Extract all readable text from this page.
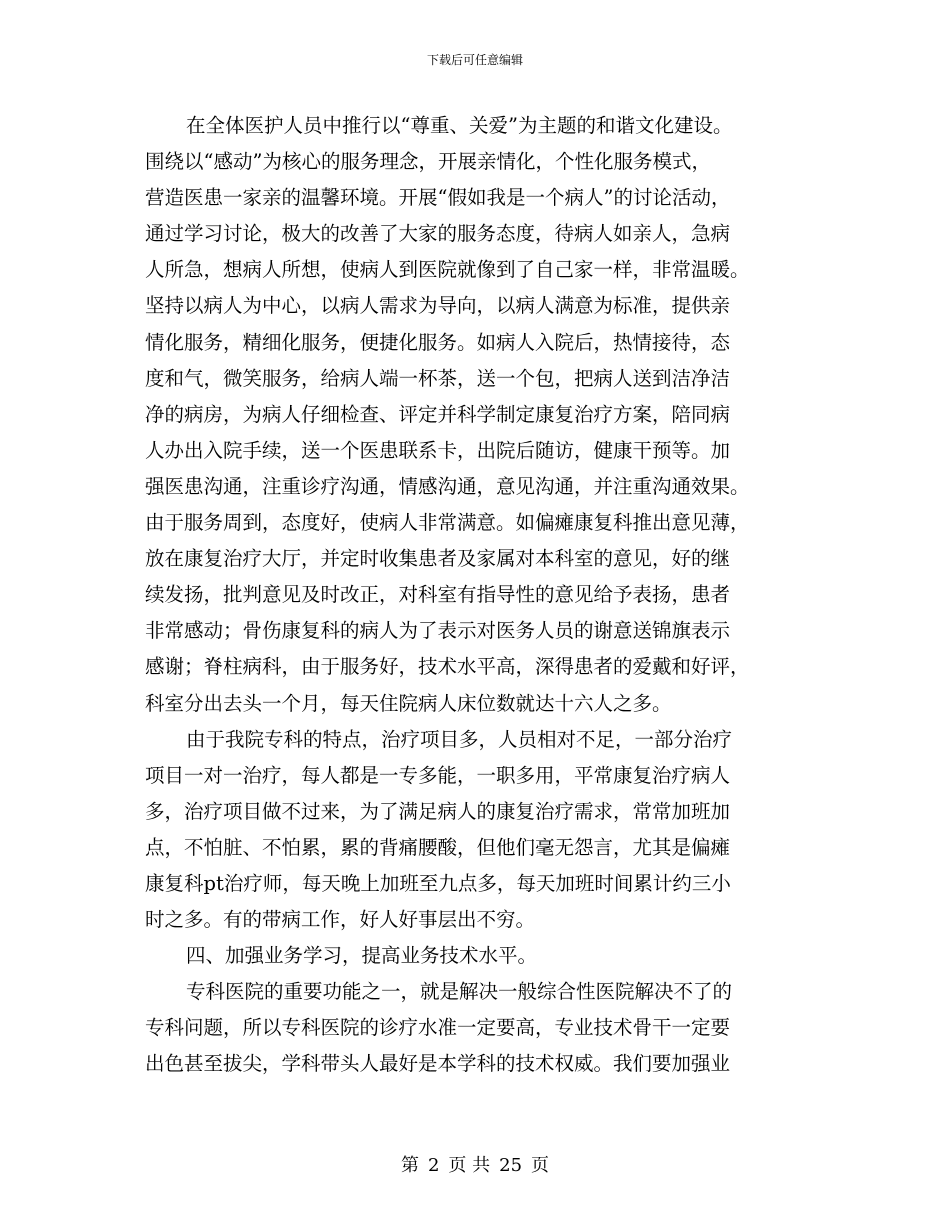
下载后可任意编辑

在全体医护人员中推行以“尊重、关爱”为主题的和谐文化建设。

围绕以“感动”为核心的服务理念，开展亲情化，个性化服务模式，

营造医患一家亲的温馨环境。开展“假如我是一个病人”的讨论活动，

通过学习讨论，极大的改善了大家的服务态度，待病人如亲人，急病

人所急，想病人所想，使病人到医院就像到了自己家一样，非常温暖。

坚持以病人为中心，以病人需求为导向，以病人满意为标准，提供亲

情化服务，精细化服务，便捷化服务。如病人入院后，热情接待，态

度和气，微笑服务，给病人端一杯茶，送一个包，把病人送到洁净洁

净的病房，为病人仔细检查、评定并科学制定康复治疗方案，陪同病

人办出入院手续，送一个医患联系卡，出院后随访，健康干预等。加

强医患沟通，注重诊疗沟通，情感沟通，意见沟通，并注重沟通效果。

由于服务周到，态度好，使病人非常满意。如偏瘫康复科推出意见薄，

放在康复治疗大厅，并定时收集患者及家属对本科室的意见，好的继

续发扬，批判意见及时改正，对科室有指导性的意见给予表扬，患者

非常感动；骨伤康复科的病人为了表示对医务人员的谢意送锦旗表示

感谢；脊柱病科，由于服务好，技术水平高，深得患者的爱戴和好评，

科室分出去头一个月，每天住院病人床位数就达十六人之多。

由于我院专科的特点，治疗项目多，人员相对不足，一部分治疗

项目一对一治疗，每人都是一专多能，一职多用，平常康复治疗病人

多，治疗项目做不过来，为了满足病人的康复治疗需求，常常加班加

点，不怕脏、不怕累，累的背痛腰酸，但他们毫无怨言，尤其是偏瘫

康复科pt治疗师，每天晚上加班至九点多，每天加班时间累计约三小

时之多。有的带病工作，好人好事层出不穷。

四、加强业务学习，提高业务技术水平。

专科医院的重要功能之一，就是解决一般综合性医院解决不了的

专科问题，所以专科医院的诊疗水准一定要高，专业技术骨干一定要

出色甚至拔尖，学科带头人最好是本学科的技术权威。我们要加强业

第 2 页 共 25 页
